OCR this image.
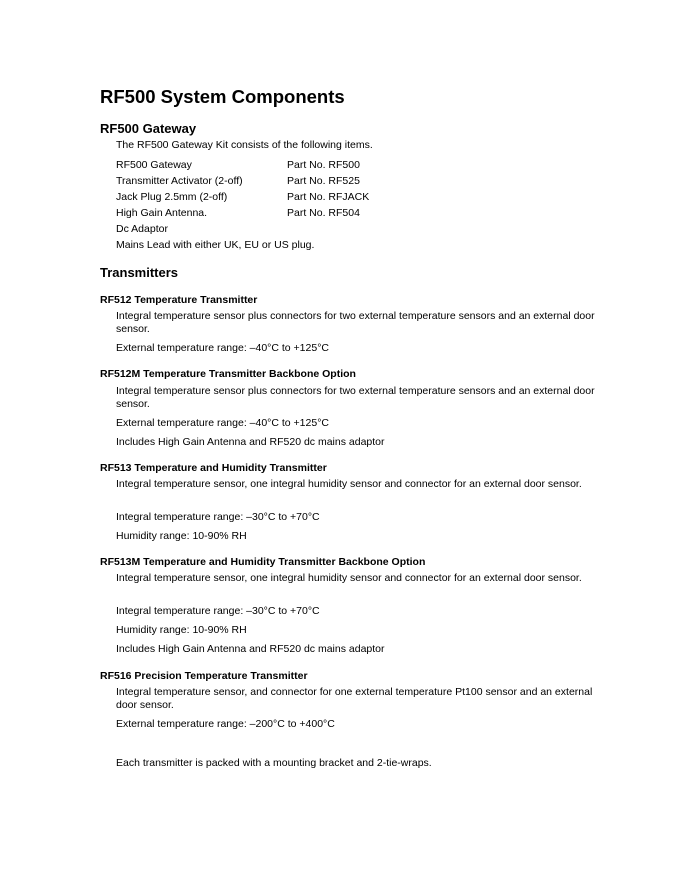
RF500 System Components
RF500 Gateway
The RF500 Gateway Kit consists of the following items.
RF500 Gateway	Part No. RF500
Transmitter Activator (2-off)	Part No. RF525
Jack Plug 2.5mm (2-off)	Part No. RFJACK
High Gain Antenna.	Part No. RF504
Dc Adaptor
Mains Lead with either UK, EU or US plug.
Transmitters
RF512 Temperature Transmitter
Integral temperature sensor plus connectors for two external temperature sensors and an external door sensor.
External temperature range: –40°C to +125°C
RF512M Temperature Transmitter Backbone Option
Integral temperature sensor plus connectors for two external temperature sensors and an external door sensor.
External temperature range: –40°C to +125°C
Includes High Gain Antenna and RF520 dc mains adaptor
RF513 Temperature and Humidity Transmitter
Integral temperature sensor, one integral humidity sensor and connector for an external door sensor.
Integral temperature range: –30°C to +70°C
Humidity range: 10-90% RH
RF513M Temperature and Humidity Transmitter Backbone Option
Integral temperature sensor, one integral humidity sensor and connector for an external door sensor.
Integral temperature range: –30°C to +70°C
Humidity range: 10-90% RH
Includes High Gain Antenna and RF520 dc mains adaptor
RF516 Precision Temperature Transmitter
Integral temperature sensor, and connector for one external temperature Pt100 sensor and an external door sensor.
External temperature range: –200°C to +400°C
Each transmitter is packed with a mounting bracket and 2-tie-wraps.
